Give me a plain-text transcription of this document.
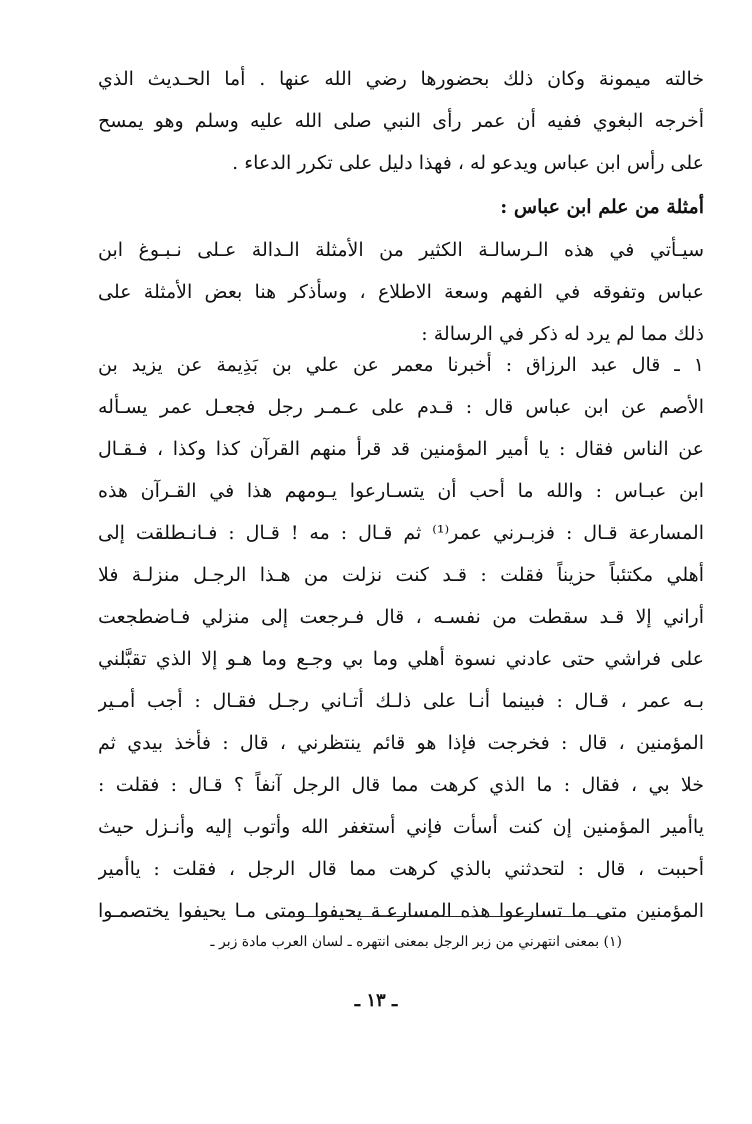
خالته ميمونة وكان ذلك بحضورها رضي الله عنها . أما الحـديث الذي
أخرجه البغوي ففيه أن عمر رأى النبي صلى الله عليه وسلم وهو يمسح
على رأس ابن عباس ويدعو له ، فهذا دليل على تكرر الدعاء .
أمثلة من علم ابن عباس :
سيـأتي في هذه الـرسالـة الكثير من الأمثلة الـدالة عـلى نـبـوغ ابن
عباس وتفوقه في الفهم وسعة الاطلاع ، وسأذكر هنا بعض الأمثلة على
ذلك مما لم يرد له ذكر في الرسالة :
١ ـ قال عبد الرزاق : أخبرنا معمر عن علي بن بَذِيمة عن يزيد بن
الأصم عن ابن عباس قال : قـدم على عـمـر رجل فجعـل عمر يسـأله
عن الناس فقال : يا أمير المؤمنين قد قرأ منهم القرآن كذا وكذا ، فـقـال
ابن عبـاس : والله ما أحب أن يتسـارعوا يـومهم هذا في القـرآن هذه
المسارعة قـال : فزبـرني عمر⁽¹⁾ ثم قـال : مه ! قـال : فـانـطلقت إلى
أهلي مكتئباً حزيناً فقلت : قـد كنت نزلت من هـذا الرجـل منزلـة فلا
أراني إلا قـد سقطت من نفسـه ، قال فـرجعت إلى منزلي فـاضطجعت
على فراشي حتى عادني نسوة أهلي وما بي وجـع وما هـو إلا الذي تقبَّلني
بـه عمر ، قـال : فبينما أنـا على ذلـك أتـاني رجـل فقـال : أجب أمـير
المؤمنين ، قال : فخرجت فإذا هو قائم ينتظرني ، قال : فأخذ بيدي ثم
خلا بي ، فقال : ما الذي كرهت مما قال الرجل آنفاً ؟ قـال : فقلت :
ياأمير المؤمنين إن كنت أسأت فإني أستغفر الله وأتوب إليه وأنـزل حيث
أحببت ، قال : لتحدثني بالذي كرهت مما قال الرجل ، فقلت : ياأمير
المؤمنين متى ما تسارعوا هذه المسارعـة يحيفوا ومتى مـا يحيفوا يختصمـوا
(١) بمعنى انتهرني من زبر الرجل بمعنى انتهره ـ لسان العرب مادة زبر ـ
ـ ١٣ ـ
